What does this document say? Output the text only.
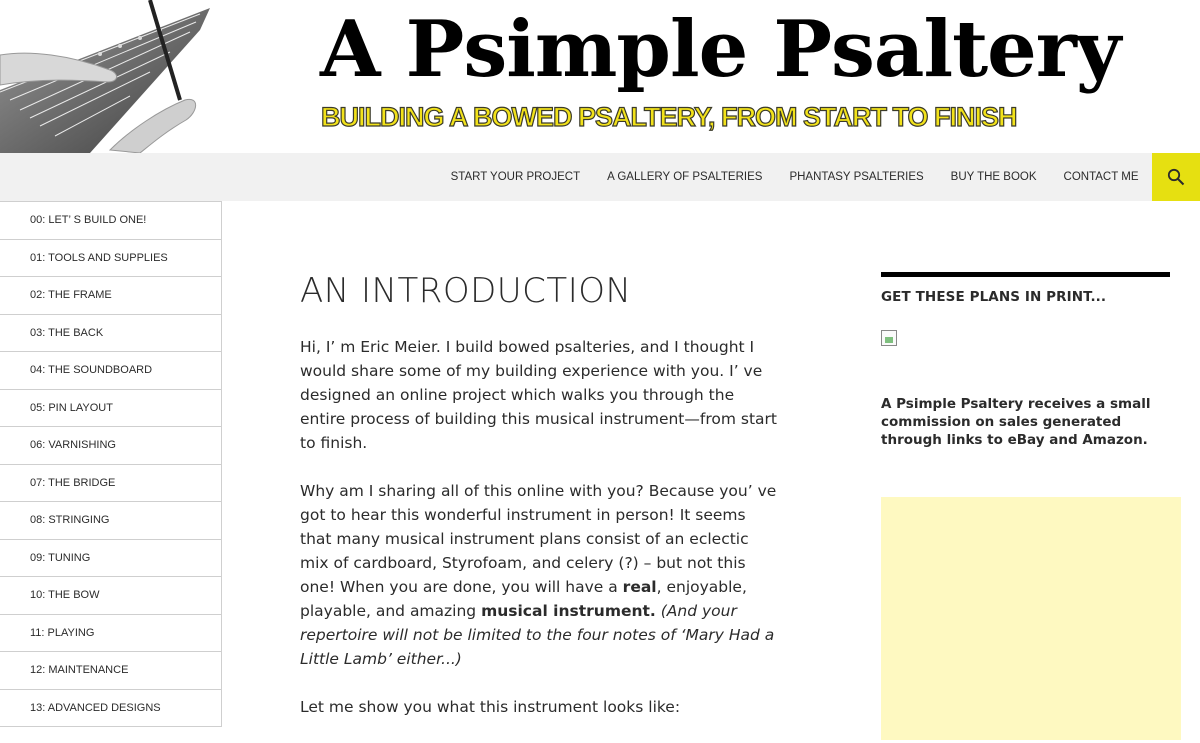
A Psimple Psaltery
BUILDING A BOWED PSALTERY, FROM START TO FINISH
START YOUR PROJECT	A GALLERY OF PSALTERIES	PHANTASY PSALTERIES	BUY THE BOOK	CONTACT ME
00: LET’ S BUILD ONE!
01: TOOLS AND SUPPLIES
02: THE FRAME
03: THE BACK
04: THE SOUNDBOARD
05: PIN LAYOUT
06: VARNISHING
07: THE BRIDGE
08: STRINGING
09: TUNING
10: THE BOW
11: PLAYING
12: MAINTENANCE
13: ADVANCED DESIGNS
AN INTRODUCTION

Hi, I’ m Eric Meier. I build bowed psalteries, and I thought I would share some of my building experience with you. I’ ve designed an online project which walks you through the entire process of building this musical instrument—from start to finish.

Why am I sharing all of this online with you? Because you’ ve got to hear this wonderful instrument in person! It seems that many musical instrument plans consist of an eclectic mix of cardboard, Styrofoam, and celery (?) – but not this one! When you are done, you will have a real, enjoyable, playable, and amazing musical instrument. (And your repertoire will not be limited to the four notes of ‘Mary Had a Little Lamb’ either...)

Let me show you what this instrument looks like:

GET THESE PLANS IN PRINT...
A Psimple Psaltery receives a small commission on sales generated through links to eBay and Amazon.
